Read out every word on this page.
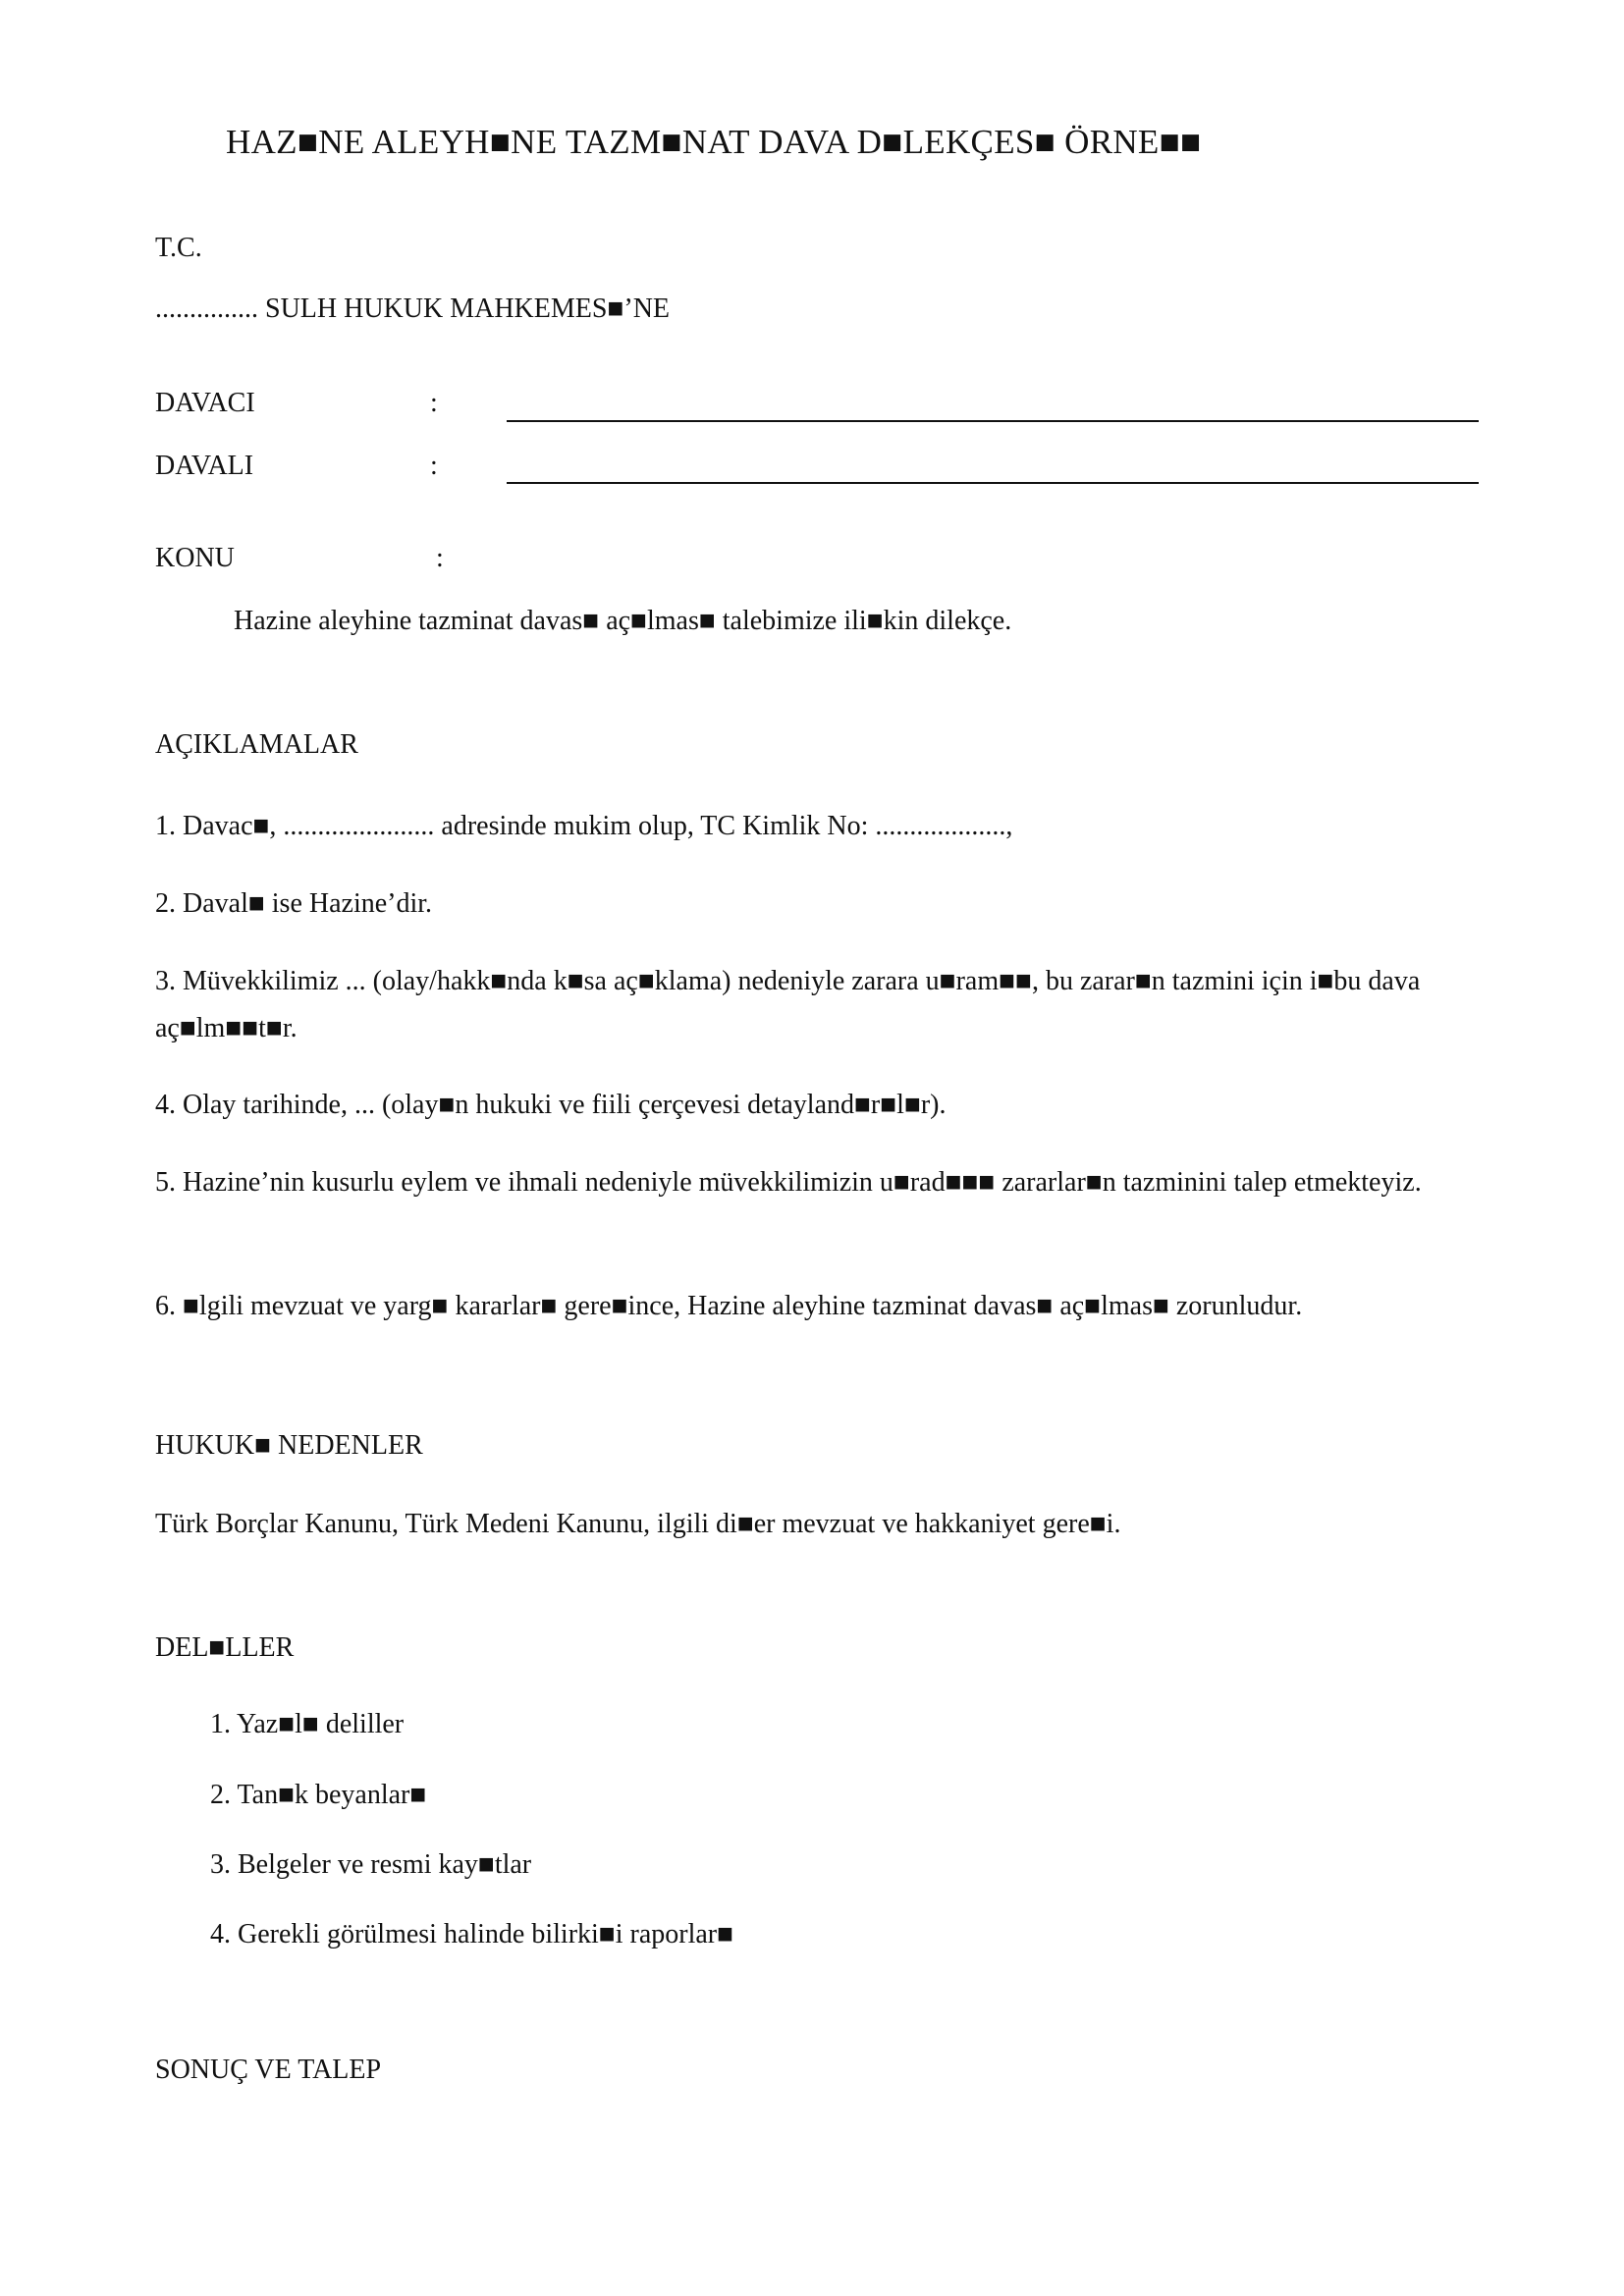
HAZ■NE ALEYH■NE TAZM■NAT DAVA D■LEKÇES■ ÖRNE■■
T.C.
............... SULH HUKUK MAHKEMES■’NE
DAVACI	:
DAVALI	:
KONU	:
Hazine aleyhine tazminat davas■ aç■lmas■ talebimize ili■kin dilekçe.
AÇIKLAMALAR
1. Davac■, ...................... adresinde mukim olup, TC Kimlik No: ...................,
2. Daval■ ise Hazine’dir.
3. Müvekkilimiz ... (olay/hakk■nda k■sa aç■klama) nedeniyle zarara u■ram■■, bu zarar■n tazmini için i■bu dava aç■lm■■t■r.
4. Olay tarihinde, ... (olay■n hukuki ve fiili çerçevesi detayland■r■l■r).
5. Hazine’nin kusurlu eylem ve ihmali nedeniyle müvekkilimizin u■rad■■■ zararlar■n tazminini talep etmekteyiz.
6. ■lgili mevzuat ve yarg■ kararlar■ gere■ince, Hazine aleyhine tazminat davas■ aç■lmas■ zorunludur.
HUKUK■ NEDENLER
Türk Borçlar Kanunu, Türk Medeni Kanunu, ilgili di■er mevzuat ve hakkaniyet gere■i.
DEL■LLER
1. Yaz■l■ deliller
2. Tan■k beyanlar■
3. Belgeler ve resmi kay■tlar
4. Gerekli görülmesi halinde bilirki■i raporlar■
SONUÇ VE TALEP
